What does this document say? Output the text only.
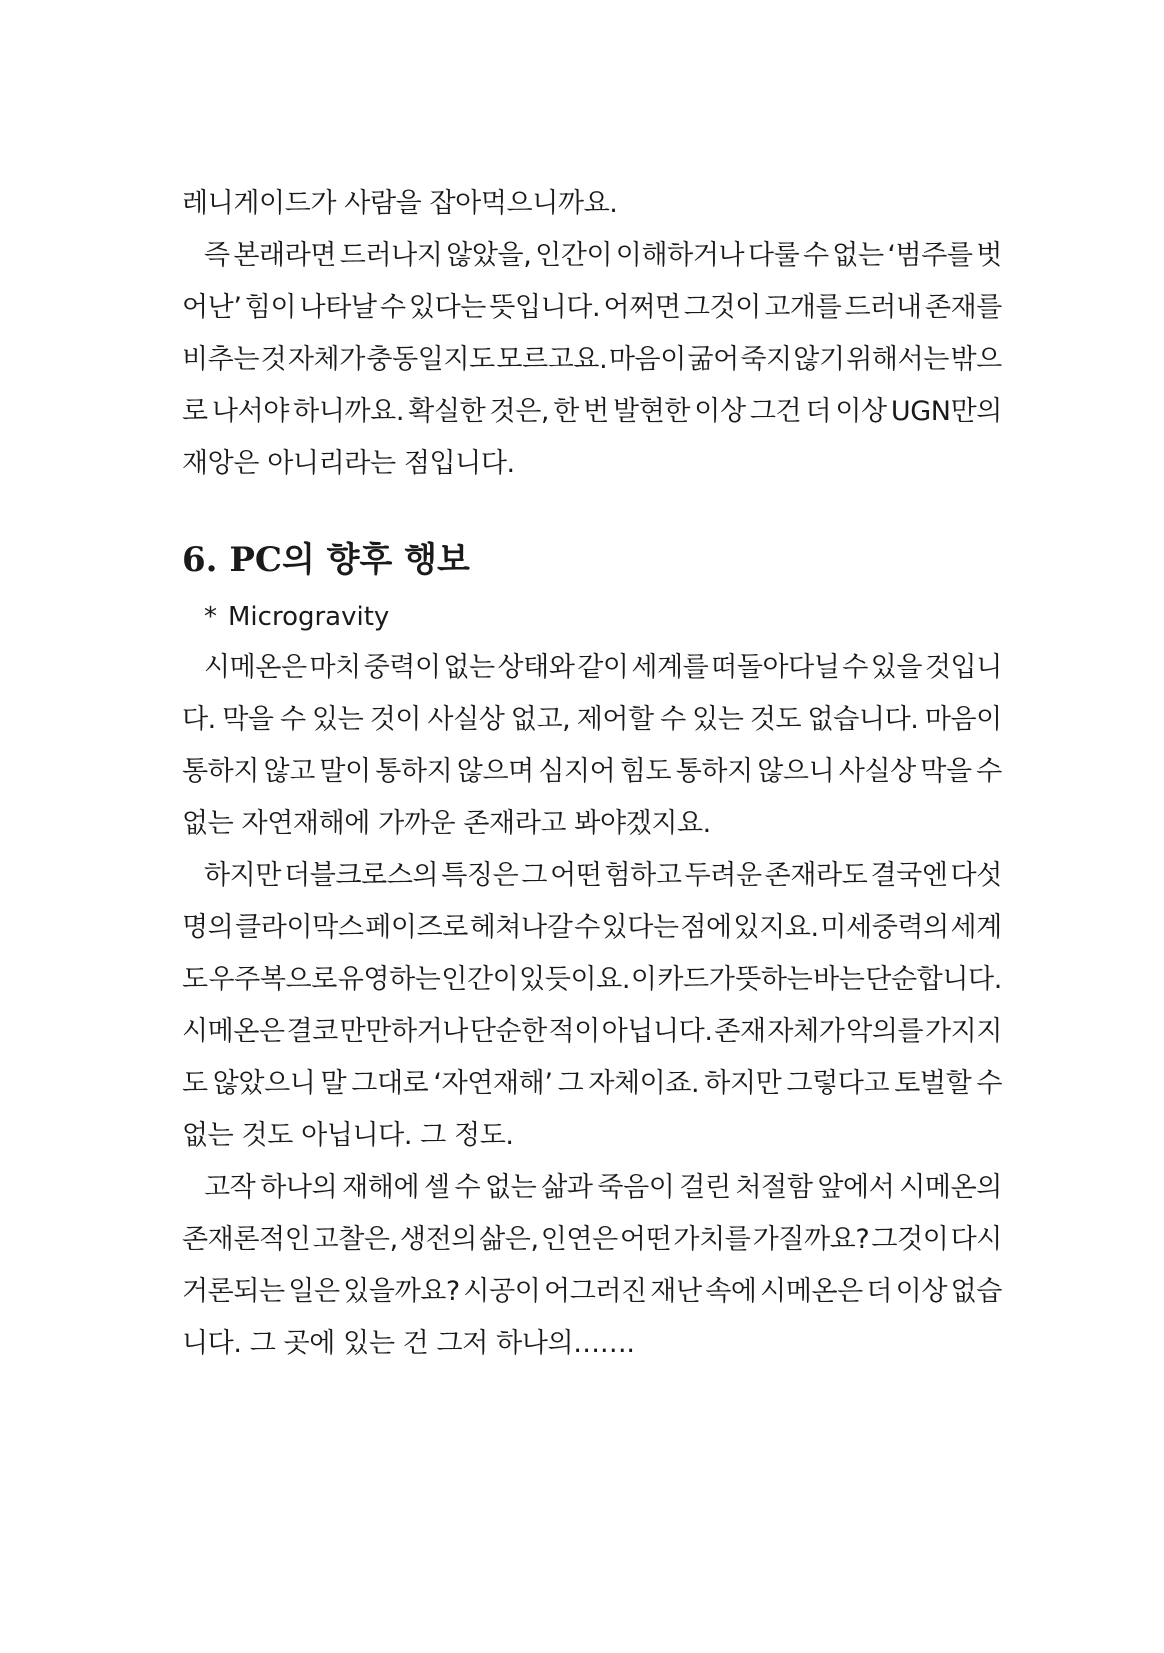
레니게이드가 사람을 잡아먹으니까요.
즉 본래라면 드러나지 않았을, 인간이 이해하거나 다룰 수 없는 ‘범주를 벗
어난’ 힘이 나타날 수 있다는 뜻입니다. 어쩌면 그것이 고개를 드러내 존재를
비추는 것 자체가 충동일지도 모르고요. 마음이 굶어 죽지 않기 위해서는 밖으
로 나서야 하니까요. 확실한 것은, 한 번 발현한 이상 그건 더 이상 UGN만의
재앙은 아니리라는 점입니다.
6. PC의 향후 행보
* Microgravity
시메온은 마치 중력이 없는 상태와 같이 세계를 떠돌아다닐 수 있을 것입니
다. 막을 수 있는 것이 사실상 없고, 제어할 수 있는 것도 없습니다. 마음이
통하지 않고 말이 통하지 않으며 심지어 힘도 통하지 않으니 사실상 막을 수
없는 자연재해에 가까운 존재라고 봐야겠지요.
하지만 더블크로스의 특징은 그 어떤 험하고 두려운 존재라도 결국엔 다섯
명의 클라이막스 페이즈로 헤쳐나갈 수 있다는 점에 있지요. 미세중력의 세계
도 우주복으로 유영하는 인간이 있듯이요. 이 카드가 뜻하는 바는 단순합니다.
시메온은 결코 만만하거나 단순한 적이 아닙니다. 존재 자체가 악의를 가지지
도 않았으니 말 그대로 ‘자연재해’ 그 자체이죠. 하지만 그렇다고 토벌할 수
없는 것도 아닙니다. 그 정도.
고작 하나의 재해에 셀 수 없는 삶과 죽음이 걸린 처절함 앞에서 시메온의
존재론적인 고찰은, 생전의 삶은, 인연은 어떤 가치를 가질까요? 그것이 다시
거론되는 일은 있을까요? 시공이 어그러진 재난 속에 시메온은 더 이상 없습
니다. 그 곳에 있는 건 그저 하나의…….
